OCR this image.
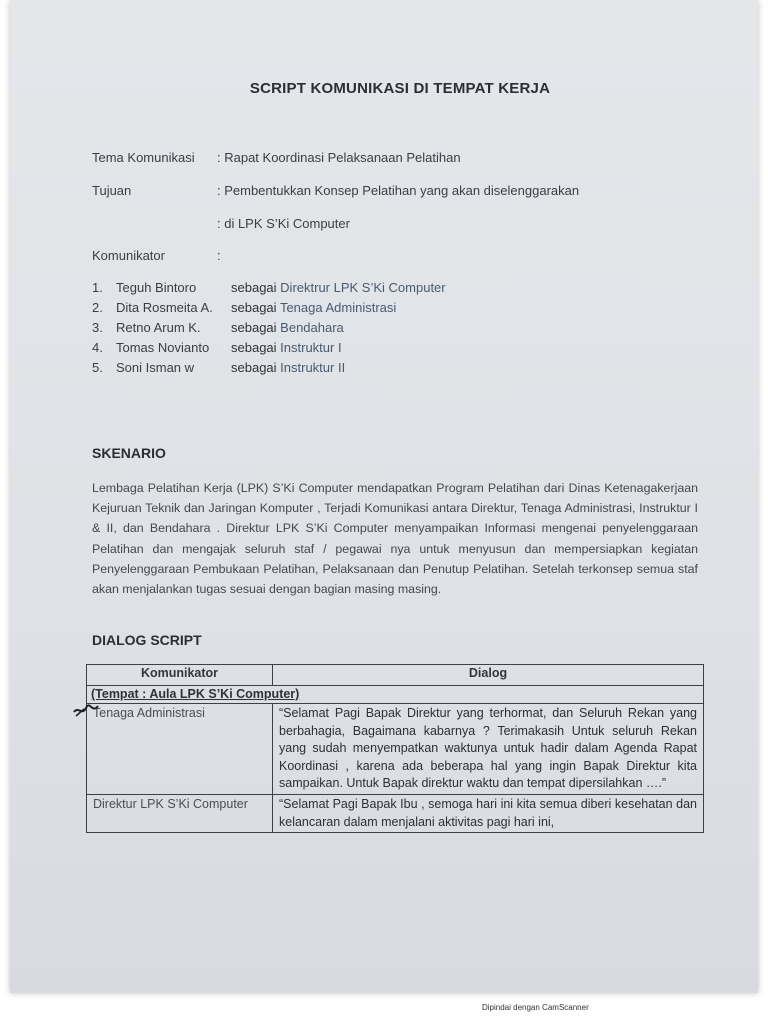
SCRIPT KOMUNIKASI DI TEMPAT KERJA
Tema Komunikasi : Rapat Koordinasi Pelaksanaan Pelatihan
Tujuan	: Pembentukkan Konsep Pelatihan yang akan diselenggarakan
: di LPK S’Ki Computer
Komunikator	:
1. Teguh Bintoro	sebagai Direktrur LPK S’Ki Computer
2. Dita Rosmeita A. sebagai Tenaga Administrasi
3. Retno Arum K. sebagai Bendahara
4. Tomas Novianto sebagai Instruktur I
5. Soni Isman w	sebagai Instruktur II
SKENARIO
Lembaga Pelatihan Kerja (LPK) S’Ki Computer mendapatkan Program Pelatihan dari Dinas Ketenagakerjaan Kejuruan Teknik dan Jaringan Komputer , Terjadi Komunikasi antara Direktur, Tenaga Administrasi, Instruktur I & II, dan Bendahara . Direktur LPK S’Ki Computer menyampaikan Informasi mengenai penyelenggaraan Pelatihan dan mengajak seluruh staf / pegawai nya untuk menyusun dan mempersiapkan kegiatan Penyelenggaraan Pembukaan Pelatihan, Pelaksanaan dan Penutup Pelatihan. Setelah terkonsep semua staf akan menjalankan tugas sesuai dengan bagian masing masing.
DIALOG SCRIPT
Komunikator	Dialog
(Tempat : Aula LPK S’Ki Computer)	
Tenaga Administrasi	“Selamat Pagi Bapak Direktur yang terhormat, dan Seluruh Rekan yang berbahagia, Bagaimana kabarnya ? Terimakasih Untuk seluruh Rekan yang sudah menyempatkan waktunya untuk hadir dalam Agenda Rapat Koordinasi , karena ada beberapa hal yang ingin Bapak Direktur kita sampaikan. Untuk Bapak direktur waktu dan tempat dipersilahkan ….”
Direktur LPK S’Ki Computer	“Selamat Pagi Bapak Ibu , semoga hari ini kita semua diberi kesehatan dan kelancaran dalam menjalani aktivitas pagi hari ini,
Dipindai dengan CamScanner
